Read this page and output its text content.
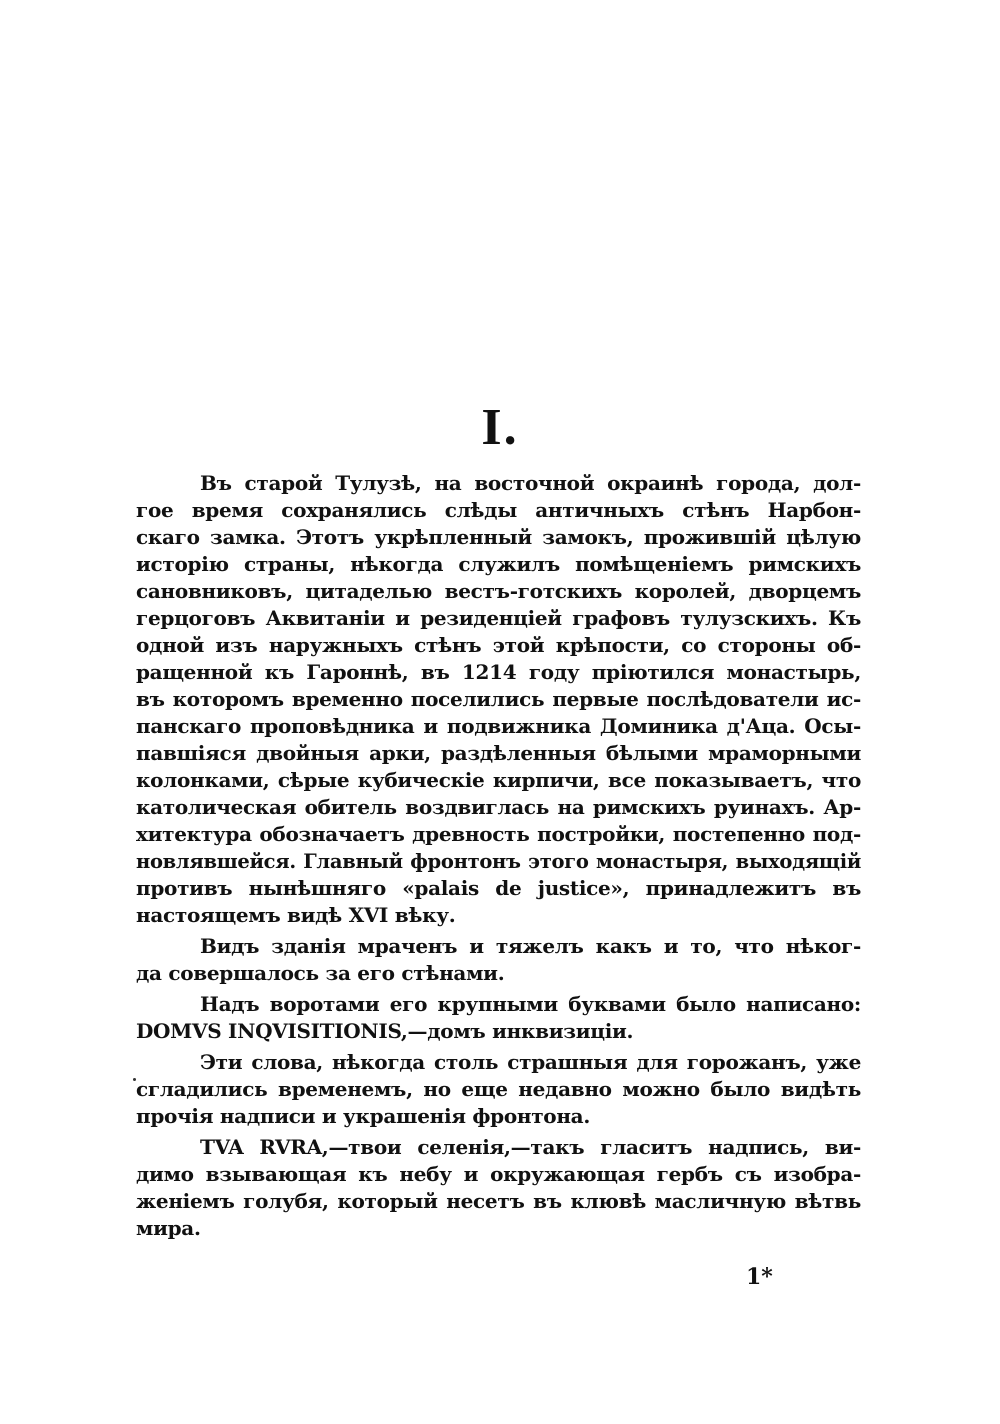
I.
Въ старой Тулузѣ, на восточной окраинѣ города, дол-
гое время сохранялись слѣды античныхъ стѣнъ Нарбон-
скаго замка. Этотъ укрѣпленный замокъ, прожившій цѣлую
исторію страны, нѣкогда служилъ помѣщеніемъ римскихъ
сановниковъ, цитаделью вестъ-готскихъ королей, дворцемъ
герцоговъ Аквитаніи и резиденціей графовъ тулузскихъ. Къ
одной изъ наружныхъ стѣнъ этой крѣпости, со стороны об-
ращенной къ Гароннѣ, въ 1214 году пріютился монастырь,
въ которомъ временно поселились первые послѣдователи ис-
панскаго проповѣдника и подвижника Доминика д'Аца. Осы-
павшіяся двойныя арки, раздѣленныя бѣлыми мраморными
колонками, сѣрые кубическіе кирпичи, все показываетъ, что
католическая обитель воздвиглась на римскихъ руинахъ. Ар-
хитектура обозначаетъ древность постройки, постепенно под-
новлявшейся. Главный фронтонъ этого монастыря, выходящій
противъ нынѣшняго «palais de justice», принадлежитъ въ
настоящемъ видѣ XVI вѣку.
Видъ зданія мраченъ и тяжелъ какъ и то, что нѣког-
да совершалось за его стѣнами.
Надъ воротами его крупными буквами было написано:
DOMVS INQVISITIONIS,—домъ инквизиціи.
Эти слова, нѣкогда столь страшныя для горожанъ, уже
сгладились временемъ, но еще недавно можно было видѣть
прочія надписи и украшенія фронтона.
TVA RVRA,—твои селенія,—такъ гласитъ надпись, ви-
димо взывающая къ небу и окружающая гербъ съ изобра-
женіемъ голубя, который несетъ въ клювѣ масличную вѣтвь
мира.
1*
